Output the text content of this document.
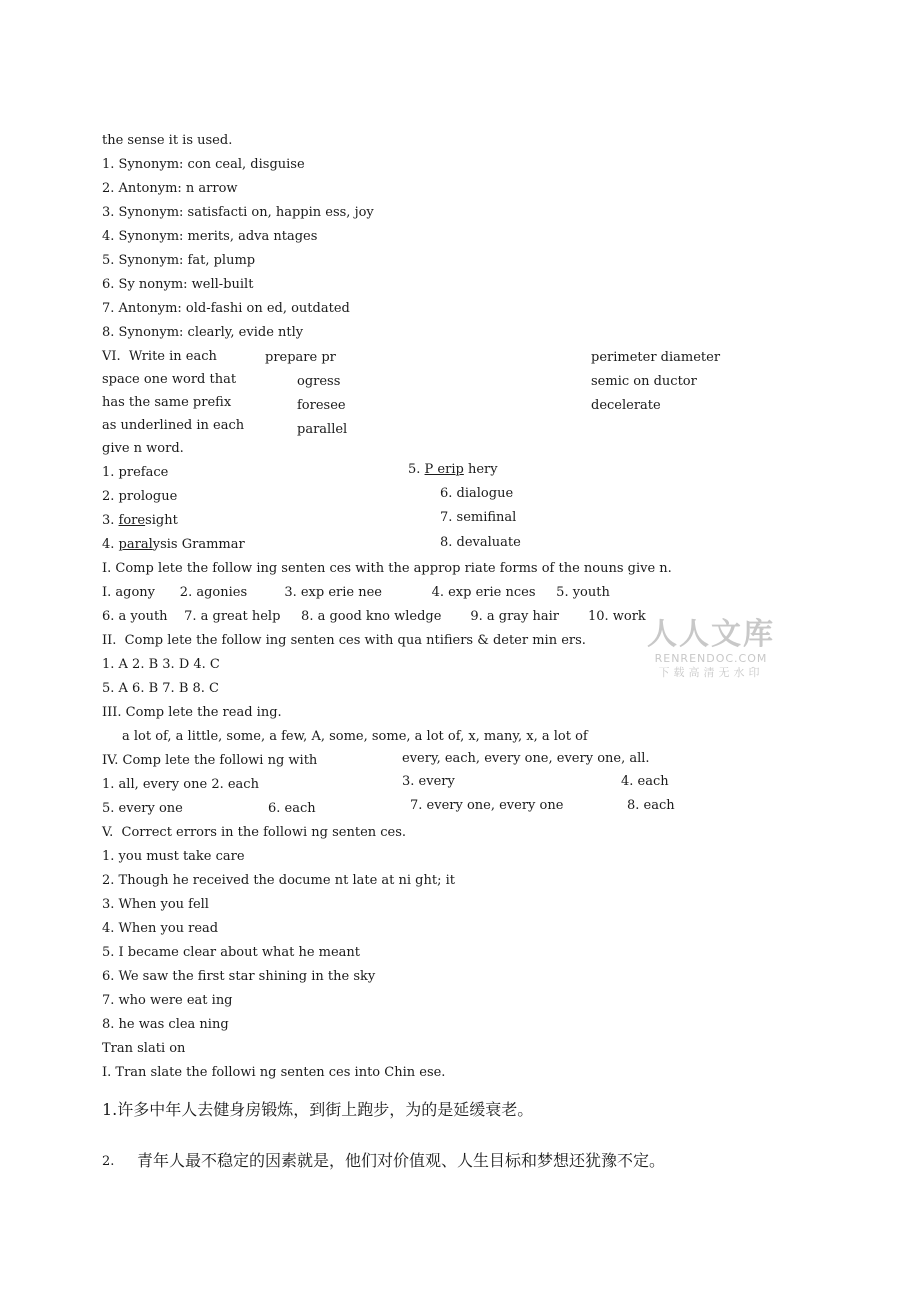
the sense it is used.
1. Synonym: con ceal, disguise
2. Antonym: n arrow
3. Synonym: satisfacti on, happin ess, joy
4. Synonym: merits, adva ntages
5. Synonym: fat, plump
6. Sy nonym: well-built
7. Antonym: old-fashi on ed, outdated
8. Synonym: clearly, evide ntly
VI.  Write in each
space one word that
has the same prefix
as underlined in each
give n word.
prepare pr
ogress
foresee
parallel
perimeter diameter
semic on ductor
decelerate
1. preface
2. prologue
3. foresight
4. paralysis Grammar
5. P erip hery
6. dialogue
7. semifinal
8. devaluate
I. Comp lete the follow ing senten ces with the approp riate forms of the nouns give n.
I. agony      2. agonies         3. exp erie nee            4. exp erie nces     5. youth
6. a youth    7. a great help     8. a good kno wledge       9. a gray hair       10. work
II.  Comp lete the follow ing senten ces with qua ntifiers & deter min ers.
1. A 2. B 3. D 4. C
5. A 6. B 7. B 8. C
III. Comp lete the read ing.
a lot of, a little, some, a few, A, some, some, a lot of, x, many, x, a lot of
IV. Comp lete the followi ng with	every, each, every one, every one, all.
1. all, every one 2. each	3. every	4. each
5. every one	6. each	7. every one, every one	8. each
V.  Correct errors in the followi ng senten ces.
1. you must take care
2. Though he received the docume nt late at ni ght; it
3. When you fell
4. When you read
5. I became clear about what he meant
6. We saw the first star shining in the sky
7. who were eat ing
8. he was clea ning
Tran slati on
I. Tran slate the followi ng senten ces into Chin ese.
1.许多中年人去健身房锻炼，到街上跑步，为的是延缓衰老。
2. 青年人最不稳定的因素就是，他们对价值观、人生目标和梦想还犹豫不定。
人人文库
RENRENDOC.COM
下载高清无水印
